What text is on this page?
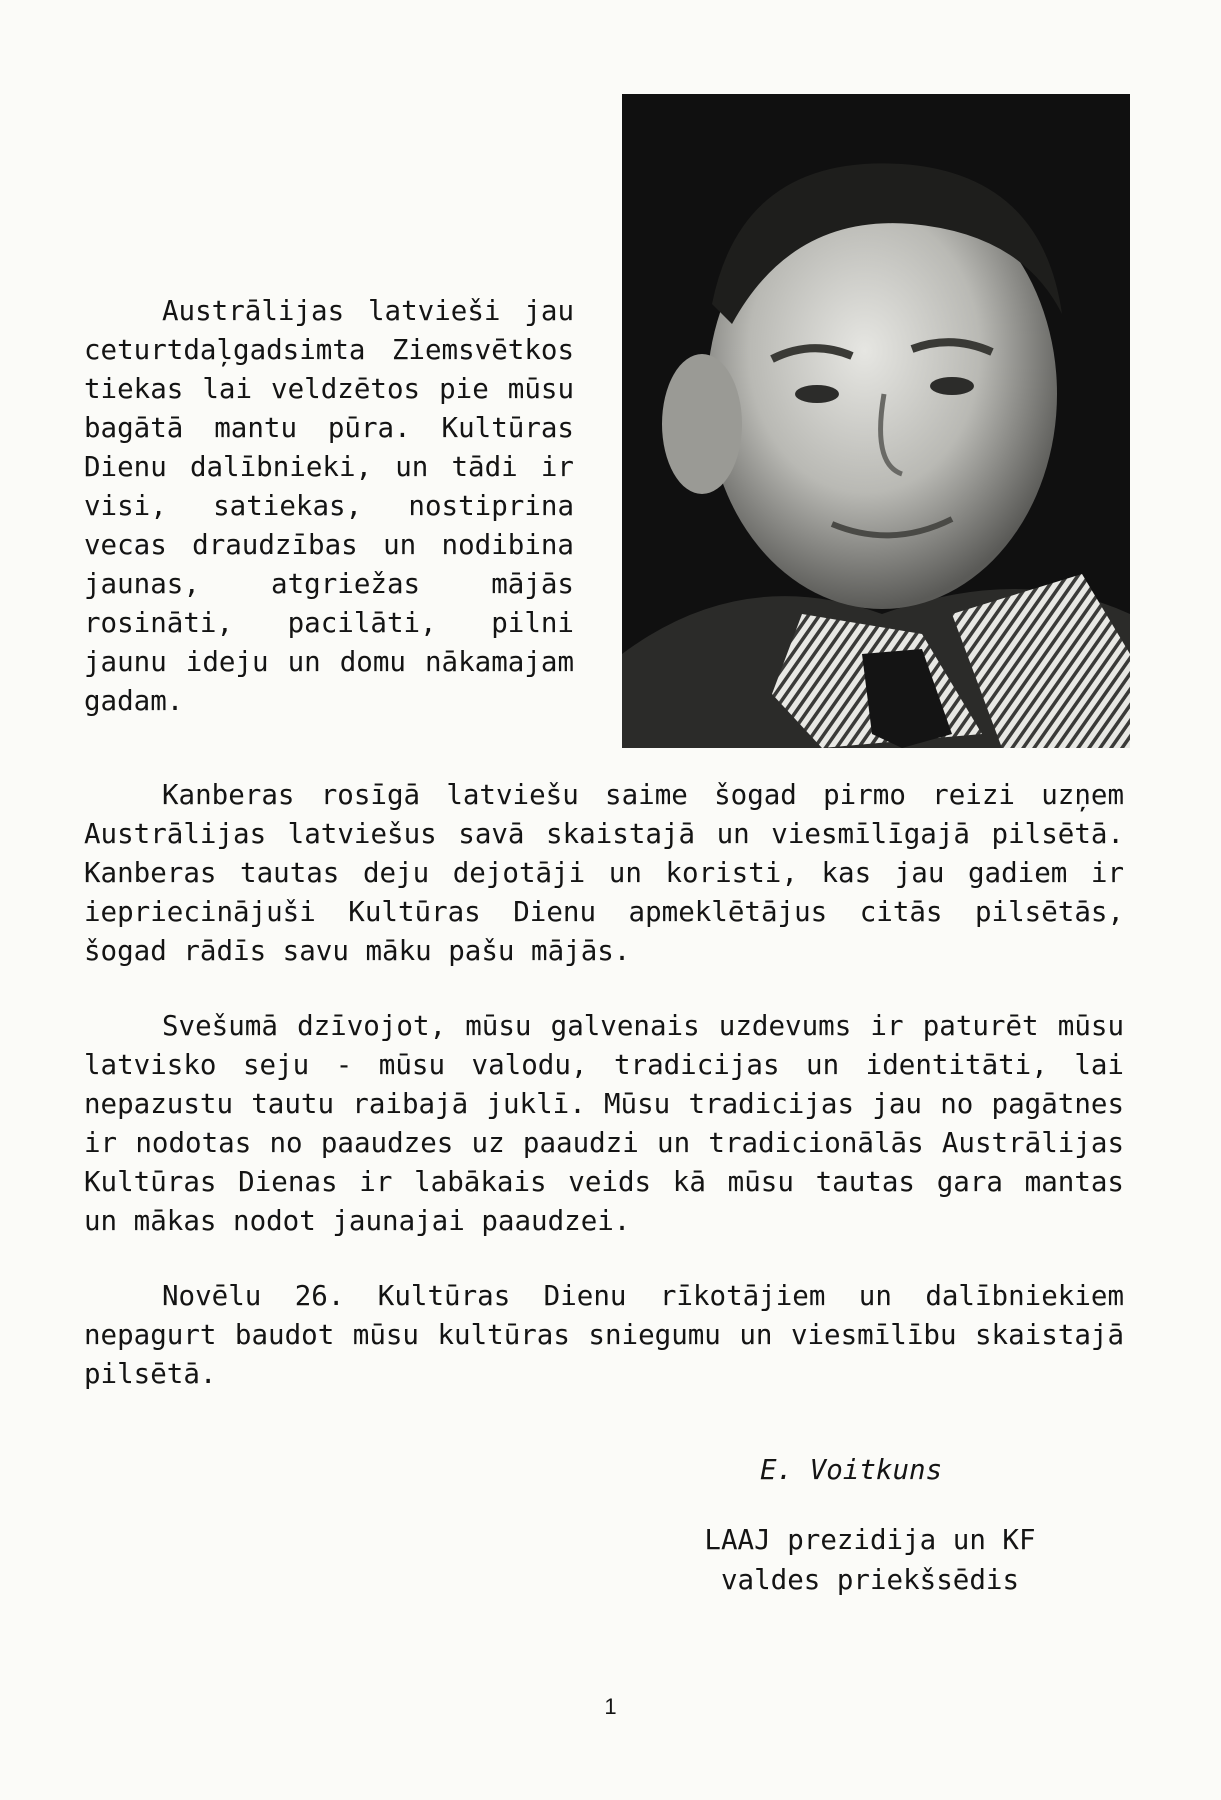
Austrālijas latvieši jau ceturtdaļgadsimta Ziemsvētkos tiekas lai veldzētos pie mūsu bagātā mantu pūra. Kultūras Dienu dalībnieki, un tādi ir visi, satiekas, nostiprina vecas draudzības un nodibina jaunas, atgriežas mājās rosināti, pacilāti, pilni jaunu ideju un domu nākamajam gadam.

Kanberas rosīgā latviešu saime šogad pirmo reizi uzņem Austrālijas latviešus savā skaistajā un viesmīlīgajā pilsētā. Kanberas tautas deju dejotāji un koristi, kas jau gadiem ir iepriecinājuši Kultūras Dienu apmeklētājus citās pilsētās, šogad rādīs savu māku pašu mājās.

Svešumā dzīvojot, mūsu galvenais uzdevums ir paturēt mūsu latvisko seju - mūsu valodu, tradicijas un identitāti, lai nepazustu tautu raibajā juklī. Mūsu tradicijas jau no pagātnes ir nodotas no paaudzes uz paaudzi un tradicionālās Austrālijas Kultūras Dienas ir labākais veids kā mūsu tautas gara mantas un mākas nodot jaunajai paaudzei.

Novēlu 26. Kultūras Dienu rīkotājiem un dalībniekiem nepagurt baudot mūsu kultūras sniegumu un viesmīlību skaistajā pilsētā.

E. Voitkuns
LAAJ prezidija un KF
valdes priekšsēdis
1
